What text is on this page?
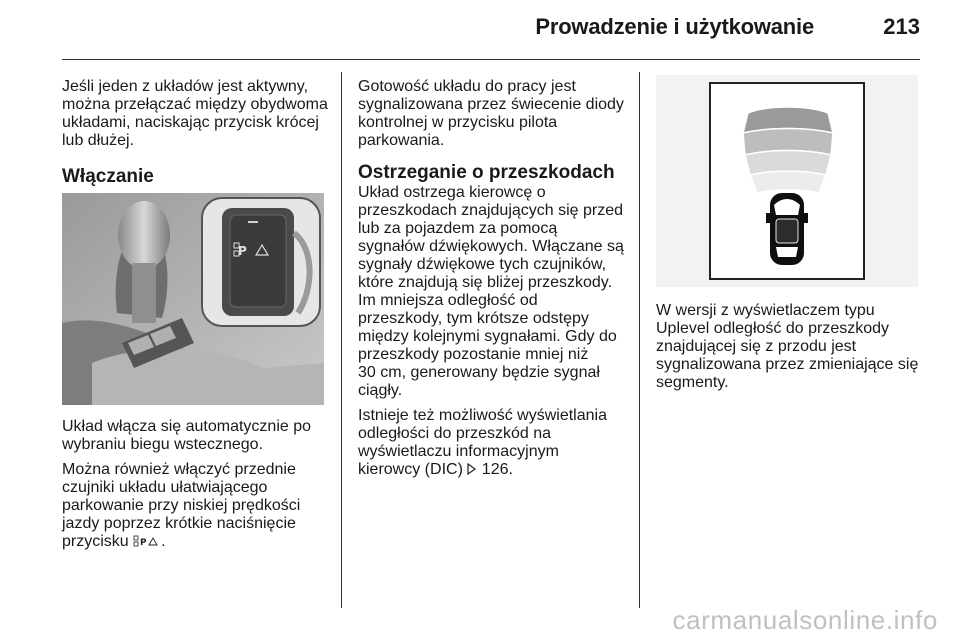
Prowadzenie i użytkowanie	213

Jeśli jeden z układów jest aktywny,
można przełączać między obydwoma
układami, naciskając przycisk krócej
lub dłużej.

Włączanie
P

Układ włącza się automatycznie po
wybraniu biegu wstecznego.

Można również włączyć przednie
czujniki układu ułatwiającego
parkowanie przy niskiej prędkości
jazdy poprzez krótkie naciśnięcie
przycisku P .

Gotowość układu do pracy jest
sygnalizowana przez świecenie diody
kontrolnej w przycisku pilota
parkowania.

Ostrzeganie o przeszkodach

Układ ostrzega kierowcę o
przeszkodach znajdujących się przed
lub za pojazdem za pomocą
sygnałów dźwiękowych. Włączane są
sygnały dźwiękowe tych czujników,
które znajdują się bliżej przeszkody.
Im mniejsza odległość od
przeszkody, tym krótsze odstępy
między kolejnymi sygnałami. Gdy do
przeszkody pozostanie mniej niż
30 cm, generowany będzie sygnał
ciągły.

Istnieje też możliwość wyświetlania
odległości do przeszkód na
wyświetlaczu informacyjnym
kierowcy (DIC) 126.

W wersji z wyświetlaczem typu
Uplevel odległość do przeszkody
znajdującej się z przodu jest
sygnalizowana przez zmieniające się
segmenty.

carmanualsonline.info
